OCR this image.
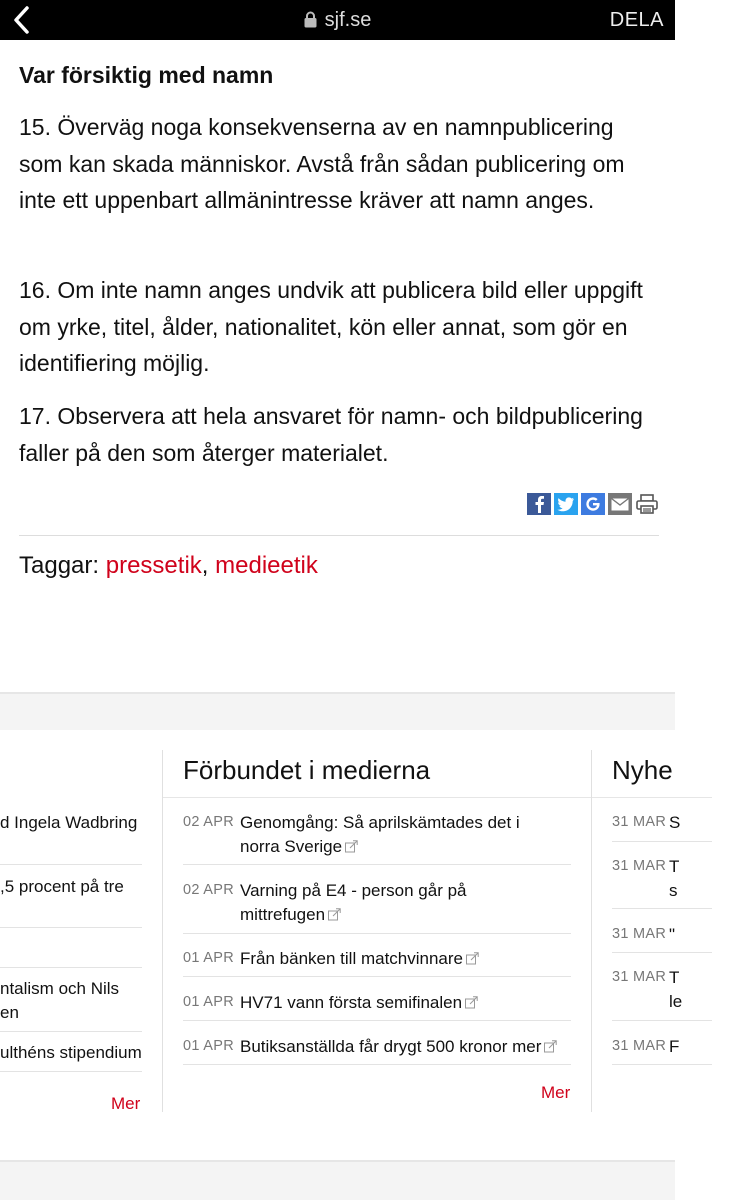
sjf.se	DELA
Var försiktig med namn

15. Överväg noga konsekvenserna av en namnpublicering som kan skada människor. Avstå från sådan publicering om inte ett uppenbart allmänintresse kräver att namn anges.

16. Om inte namn anges undvik att publicera bild eller uppgift om yrke, titel, ålder, nationalitet, kön eller annat, som gör en identifiering möjlig.

17. Observera att hela ansvaret för namn- och bildpublicering faller på den som återger materialet.

Taggar: pressetik, medieetik
d Ingela Wadbring
,5 procent på tre
ntalism och Nils
en
ulthéns stipendium
Mer
Förbundet i medierna
02 APR Genomgång: Så aprilskämtades det i
norra Sverige
02 APR Varning på E4 - person går på
mittrefugen
01 APR Från bänken till matchvinnare
01 APR HV71 vann första semifinalen
01 APR Butiksanställda får drygt 500 kronor mer
Mer
Nyhe
31 MAR S
31 MAR T
s
31 MAR "
31 MAR T
le
31 MAR F
